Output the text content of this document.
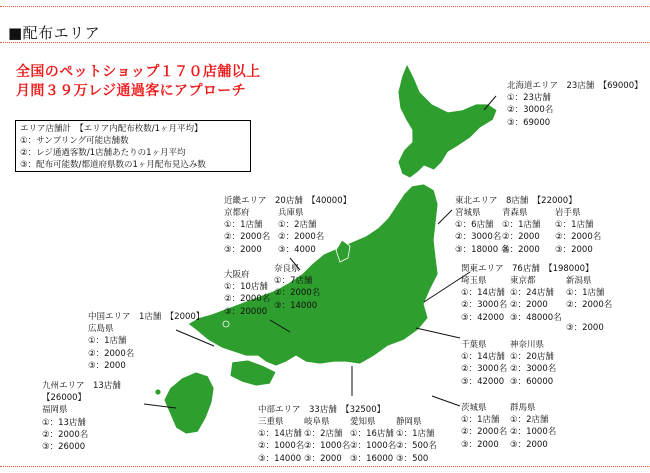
■配布エリア
全国のペットショップ１７０店舗以上
月間３９万レジ通過客にアプローチ
エリア店舗計　【エリア内配布枚数/1ヶ月平均】
①：サンプリング可能店舗数
②：レジ通過客数/1店舗あたりの1ヶ月平均
③：配布可能数/都道府県数の1ヶ月配布見込み数
北海道エリア　23店舗　【69000】
①：23店舗
②：3000名
③：69000
東北エリア　8店舗　【22000】
宮城県
①：6店舗
②：3000名
③：18000 名
青森県
①：1店舗
②：2000
③：2000
岩手県
①：1店舗
②：2000名
③：2000
関東エリア　76店舗　【198000】
埼玉県
①：14店舗
②：3000名
③：42000
東京都
①：24店舗
②：2000
③：48000名
新潟県
①：1店舗
②：2000名
③：2000
千葉県
①：14店舗
②：3000名
③：42000
神奈川県
①：20店舗
②：3000名
③：60000
茨城県
①：1店舗
②：2000名
③：2000
群馬県
①：2店舗
②：1000名
③：2000
近畿エリア　20店舗　【40000】
京都府
①：1店舗
②：2000名
③：2000
兵庫県
①：2店舗
②：2000名
③：4000
大阪府
①：10店舗
②：2000名
③：20000
奈良県
①：7店舗
②：2000名
③：14000
中国エリア　1店舗　【2000】
広島県
①：1店舗
②：2000名
③：2000
九州エリア　13店舗
【26000】
福岡県
①：13店舗
②：2000名
③：26000
中部エリア　33店舗　【32500】
三重県
①：14店舗
②：1000名
③：14000
岐阜県
①：2店舗
②：1000名
③：2000
愛知県
①：16店舗
②：1000名
③：16000
静岡県
①：1店舗
②：500名
③：500
